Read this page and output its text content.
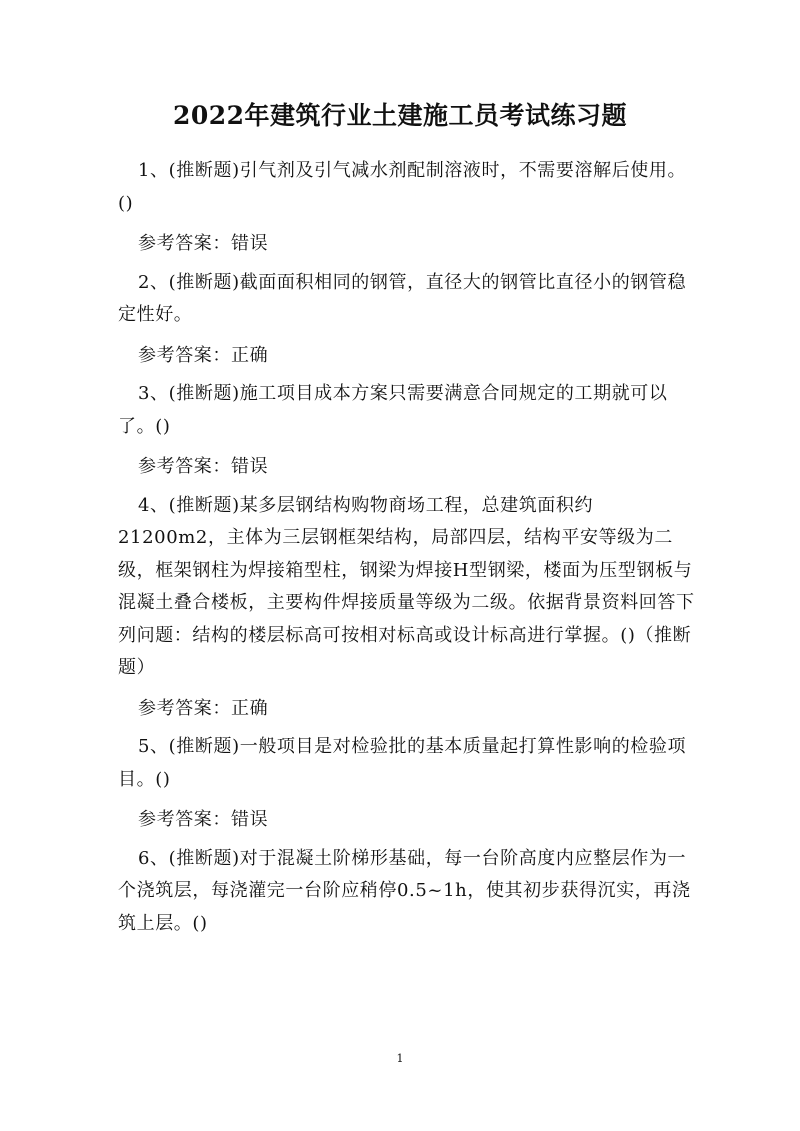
2022年建筑行业土建施工员考试练习题

1、(推断题)引气剂及引气减水剂配制溶液时，不需要溶解后使用。()

参考答案：错误

2、(推断题)截面面积相同的钢管，直径大的钢管比直径小的钢管稳定性好。

参考答案：正确

3、(推断题)施工项目成本方案只需要满意合同规定的工期就可以了。()

参考答案：错误

4、(推断题)某多层钢结构购物商场工程，总建筑面积约21200m2，主体为三层钢框架结构，局部四层，结构平安等级为二级，框架钢柱为焊接箱型柱，钢梁为焊接H型钢梁，楼面为压型钢板与混凝土叠合楼板，主要构件焊接质量等级为二级。依据背景资料回答下列问题：结构的楼层标高可按相对标高或设计标高进行掌握。()（推断题）

参考答案：正确

5、(推断题)一般项目是对检验批的基本质量起打算性影响的检验项目。()

参考答案：错误

6、(推断题)对于混凝土阶梯形基础，每一台阶高度内应整层作为一个浇筑层，每浇灌完一台阶应稍停0.5~1h，使其初步获得沉实，再浇筑上层。()

1
